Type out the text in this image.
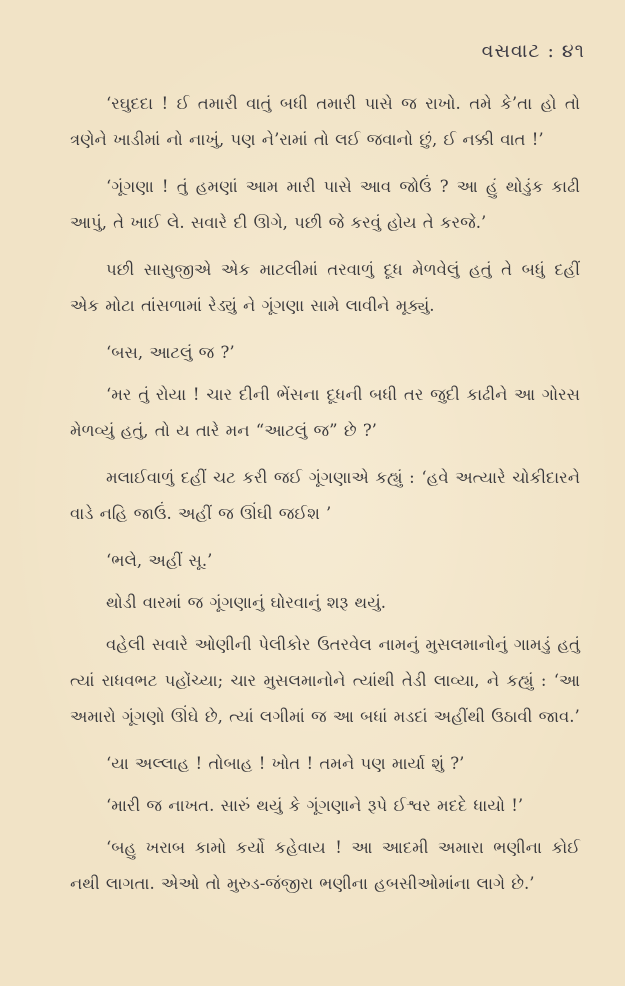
વસવાટ : ૪૧

‘રઘુદદા ! ઈ તમારી વાતું બધી તમારી પાસે જ રાખો. તમે કે’તા હો તો ત્રણેને ખાડીમાં નો નાખું, પણ ને’રામાં તો લઈ જવાનો છું, ઈ નક્કી વાત !’

‘ગૂંગણા ! તું હમણાં આમ મારી પાસે આવ જોઉં ? આ હું થોડુંક કાઢી આપું, તે ખાઈ લે. સવારે દી ઊગે, પછી જે કરવું હોય તે કરજે.’

પછી સાસુજીએ એક માટલીમાં તરવાળું દૂધ મેળવેલું હતું તે બધું દહીં એક મોટા તાંસળામાં રેડ્યું ને ગૂંગણા સામે લાવીને મૂક્યું.

‘બસ, આટલું જ ?’

‘મર તું રોયા ! ચાર દીની ભેંસના દૂધની બધી તર જુદી કાઢીને આ ગોરસ મેળવ્યું હતું, તો ય તારે મન “આટલું જ” છે ?’

મલાઈવાળું દહીં ચટ કરી જઈ ગૂંગણાએ કહ્યું : ‘હવે અત્યારે ચોકીદારને વાડે નહિ જાઉં. અહીં જ ઊંઘી જઈશ ’

‘ભલે, અહીં સૂ.’

થોડી વારમાં જ ગૂંગણાનું ઘોરવાનું શરૂ થયું.

વહેલી સવારે ઓણીની પેલીકોર ઉતરવેલ નામનું મુસલમાનોનું ગામડું હતું ત્યાં રાધવભટ પહોંચ્યા; ચાર મુસલમાનોને ત્યાંથી તેડી લાવ્યા, ને કહ્યું : ‘આ અમારો ગૂંગણો ઊંઘે છે, ત્યાં લગીમાં જ આ બધાં મડદાં અહીંથી ઉઠાવી જાવ.’

‘યા અલ્લાહ ! તોબાહ ! ખોત ! તમને પણ માર્યા શું ?’

‘મારી જ નાખત. સારું થયું કે ગૂંગણાને રૂપે ઈશ્વર મદદે ધાયો !’

‘બહુ ખરાબ કામો કર્યો કહેવાય ! આ આદમી અમારા ભણીના કોઈ નથી લાગતા. એઓ તો મુરુડ-જંજીરા ભણીના હબસીઓમાંના લાગે છે.’
